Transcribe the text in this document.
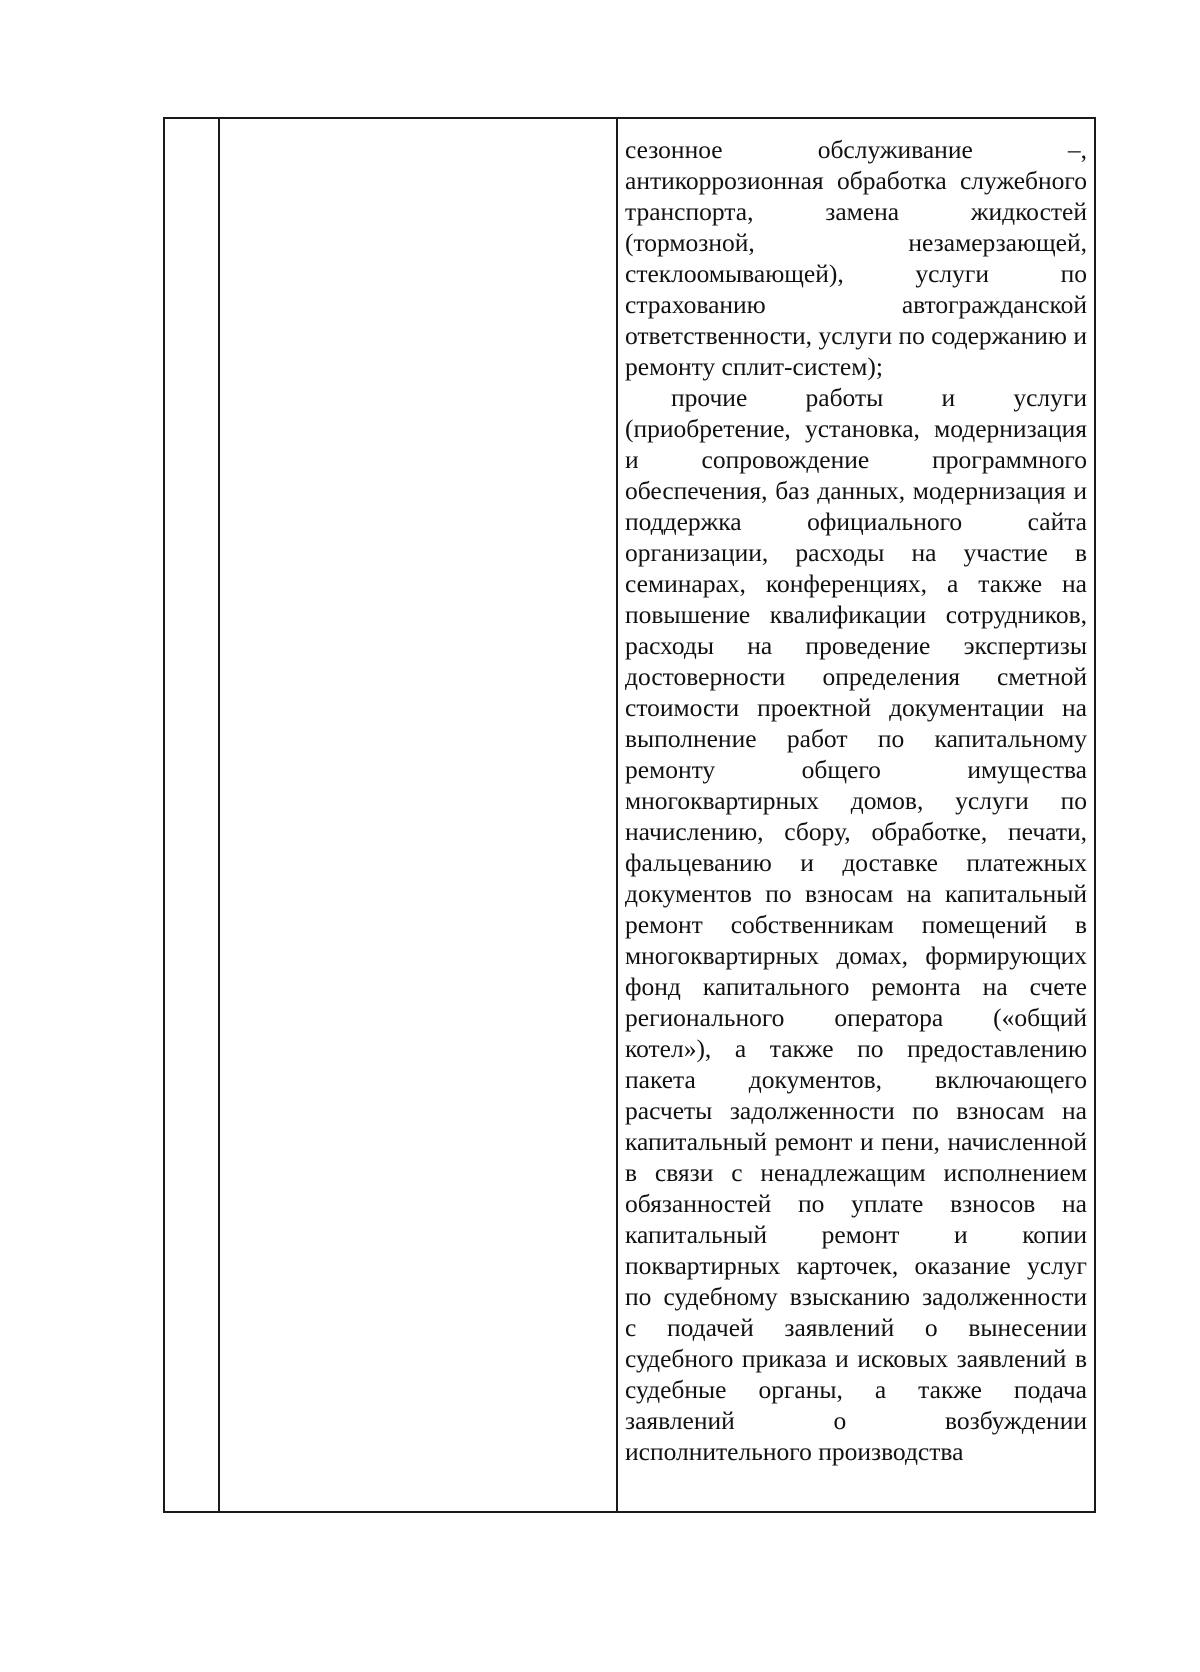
сезонное обслуживание –, антикоррозионная обработка служебного транспорта, замена жидкостей (тормозной, незамерзающей, стеклоомывающей), услуги по страхованию автогражданской ответственности, услуги по содержанию и ремонту сплит-систем);

прочие работы и услуги (приобретение, установка, модернизация и сопровождение программного обеспечения, баз данных, модернизация и поддержка официального сайта организации, расходы на участие в семинарах, конференциях, а также на повышение квалификации сотрудников, расходы на проведение экспертизы достоверности определения сметной стоимости проектной документации на выполнение работ по капитальному ремонту общего имущества многоквартирных домов, услуги по начислению, сбору, обработке, печати, фальцеванию и доставке платежных документов по взносам на капитальный ремонт собственникам помещений в многоквартирных домах, формирующих фонд капитального ремонта на счете регионального оператора («общий котел»), а также по предоставлению пакета документов, включающего расчеты задолженности по взносам на капитальный ремонт и пени, начисленной в связи с ненадлежащим исполнением обязанностей по уплате взносов на капитальный ремонт и копии поквартирных карточек, оказание услуг по судебному взысканию задолженности с подачей заявлений о вынесении судебного приказа и исковых заявлений в судебные органы, а также подача заявлений о возбуждении исполнительного производства
